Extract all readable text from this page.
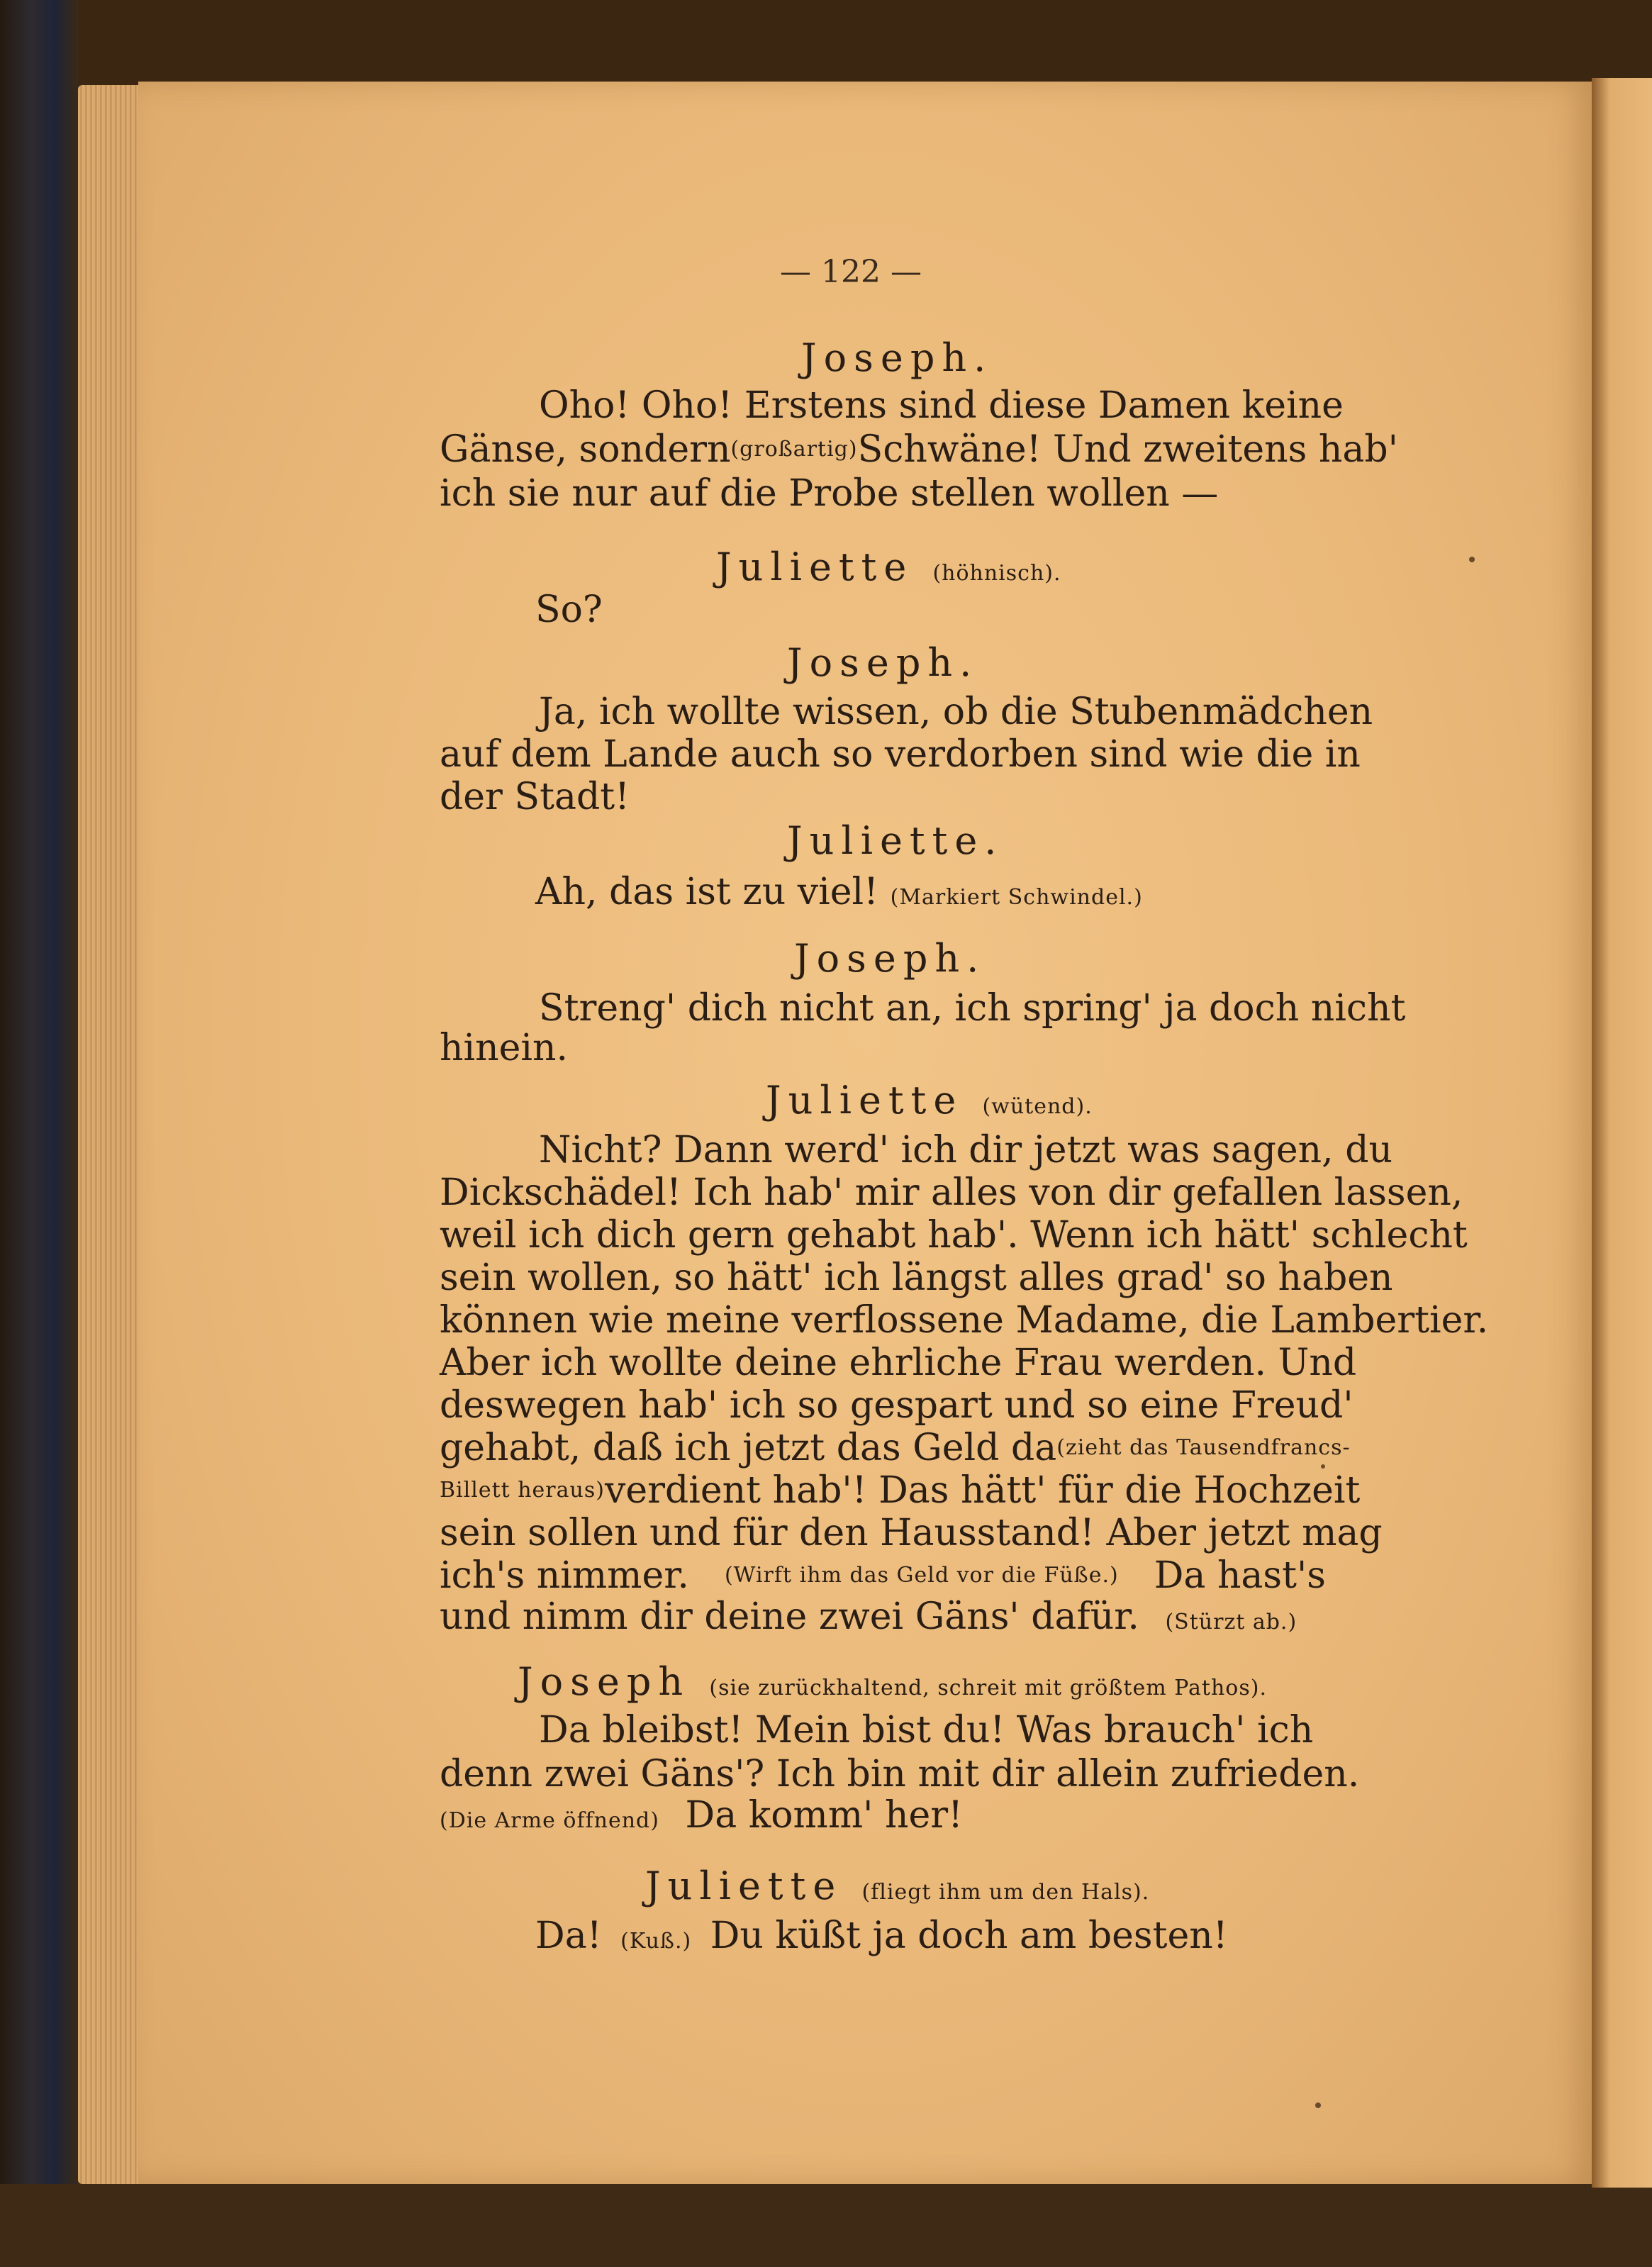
— 122 —
Joseph.
Oho! Oho! Erstens sind diese Damen keine
Gänse, sondern (großartig) Schwäne! Und zweitens hab'
ich sie nur auf die Probe stellen wollen —
Juliette (höhnisch).
So?
Joseph.
Ja, ich wollte wissen, ob die Stubenmädchen
auf dem Lande auch so verdorben sind wie die in
der Stadt!
Juliette.
Ah, das ist zu viel! (Markiert Schwindel.)
Joseph.
Streng' dich nicht an, ich spring' ja doch nicht
hinein.
Juliette (wütend).
Nicht? Dann werd' ich dir jetzt was sagen, du
Dickschädel! Ich hab' mir alles von dir gefallen lassen,
weil ich dich gern gehabt hab'. Wenn ich hätt' schlecht
sein wollen, so hätt' ich längst alles grad' so haben
können wie meine verflossene Madame, die Lambertier.
Aber ich wollte deine ehrliche Frau werden. Und
deswegen hab' ich so gespart und so eine Freud'
gehabt, daß ich jetzt das Geld da (zieht das Tausendfrancs-
Billett heraus) verdient hab'! Das hätt' für die Hochzeit
sein sollen und für den Hausstand! Aber jetzt mag
ich's nimmer. (Wirft ihm das Geld vor die Füße.) Da hast's
und nimm dir deine zwei Gäns' dafür. (Stürzt ab.)
Joseph (sie zurückhaltend, schreit mit größtem Pathos).
Da bleibst! Mein bist du! Was brauch' ich
denn zwei Gäns'? Ich bin mit dir allein zufrieden.
(Die Arme öffnend) Da komm' her!
Juliette (fliegt ihm um den Hals).
Da! (Kuß.) Du küßt ja doch am besten!
